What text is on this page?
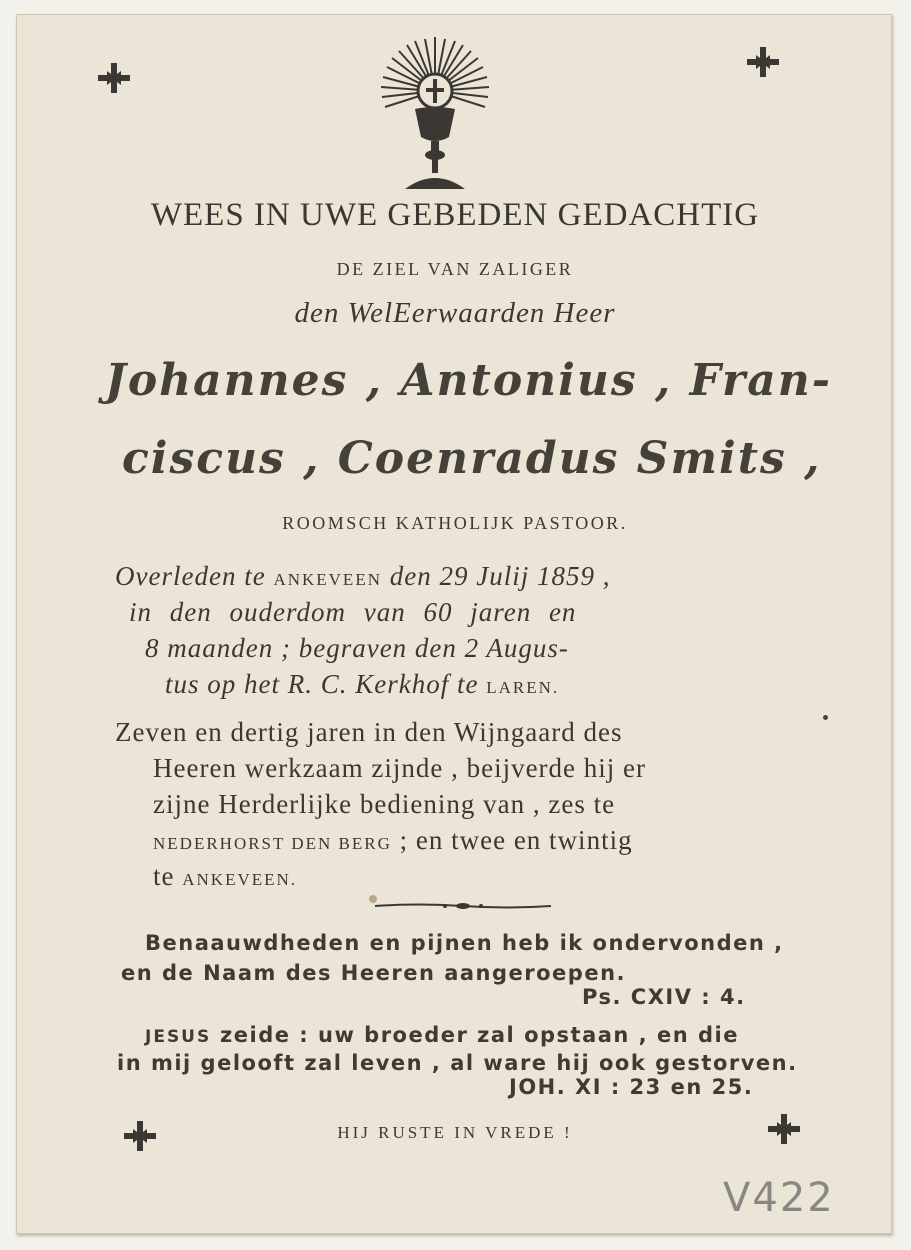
WEES IN UWE GEBEDEN GEDACHTIG
DE ZIEL VAN ZALIGER
den WelEerwaarden Heer
Johannes , Antonius , Fran-
ciscus , Coenradus Smits ,
ROOMSCH KATHOLIJK PASTOOR.
Overleden te ANKEVEEN den 29 Julij 1859 ,
in den ouderdom van 60 jaren en
8 maanden ; begraven den 2 Augus-
tus op het R. C. Kerkhof te LAREN.
Zeven en dertig jaren in den Wijngaard des
Heeren werkzaam zijnde , beijverde hij er
zijne Herderlijke bediening van , zes te
NEDERHORST DEN BERG ; en twee en twintig
te ANKEVEEN.
Benaauwdheden en pijnen heb ik ondervonden ,
en de Naam des Heeren aangeroepen.
Ps. CXIV : 4.
JESUS zeide : uw broeder zal opstaan , en die
in mij gelooft zal leven , al ware hij ook gestorven.
JOH. XI : 23 en 25.
HIJ RUSTE IN VREDE !
V422
